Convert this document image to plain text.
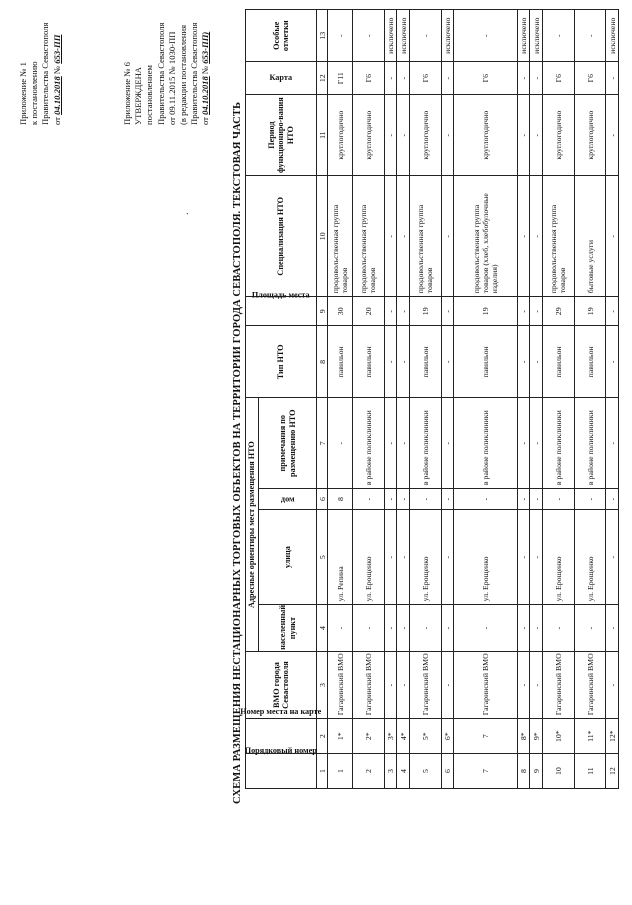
Приложение № 1 к постановлению Правительства Севастополя от 04.10.2018 № 653-ПП
Приложение № 6 УТВЕРЖДЕНА постановлением Правительства Севастополя от 09.11.2015 № 1030-ПП (в редакции постановления Правительства Севастополя от 04.10.2018 № 653-ПП)
.	СХЕМА РАЗМЕЩЕНИЯ НЕСТАЦИОНАРНЫХ ТОРГОВЫХ ОБЪЕКТОВ НА ТЕРРИТОРИИ ГОРОДА СЕВАСТОПОЛЯ. ТЕКСТОВАЯ ЧАСТЬ Порядковый номер	Номер места на карте	ВМО города Севастополя	Адресные ориентиры мест размещения НТО				Тип НТО	Площадь места	Специализация НТО	Период функциониро-вания НТО	Карта	Особые отметки
			населенный пункт	улица	дом	примечания по размещению НТО						
1	2	3	4	5	6	7	8	9	10	11	12	13
1	1*	Гагаринский ВМО	-	ул. Репина	8	-	павильон	30	продовольственная группа товаров	круглогодично	Г11	-
2	2*	Гагаринский ВМО	-	ул. Ерощенко	-	в районе поликлиники	павильон	20	продовольственная группа товаров	круглогодично	Г6	-
3	3*	-	-	-	-	-	-	-	-	-	-	исключено
4	4*	-	-	-	-	-	-	-	-	-	-	исключено
5	5*	Гагаринский ВМО	-	ул. Ерощенко	-	в районе поликлиники	павильон	19	продовольственная группа товаров	круглогодично	Г6	-
6	6*	-	-	-	-	-	-	-	-	-	-	исключено
7	7	Гагаринский ВМО	-	ул. Ерощенко	-	в районе поликлиники	павильон	19	продовольственная группа товаров (хлеб, хлебобулочные изделия)	круглогодично	Г6	-
8	8*	-	-	-	-	-	-	-	-	-	-	исключено
9	9*	-	-	-	-	-	-	-	-	-	-	исключено
10	10*	Гагаринский ВМО	-	ул. Ерощенко	-	в районе поликлиники	павильон	29	продовольственная группа товаров	круглогодично	Г6	-
11	11*	Гагаринский ВМО	-	ул. Ерощенко	-	в районе поликлиники	павильон	19	бытовые услуги	круглогодично	Г6	-
12	12*	-	-	-	-	-	-	-	-	-	-	исключено
